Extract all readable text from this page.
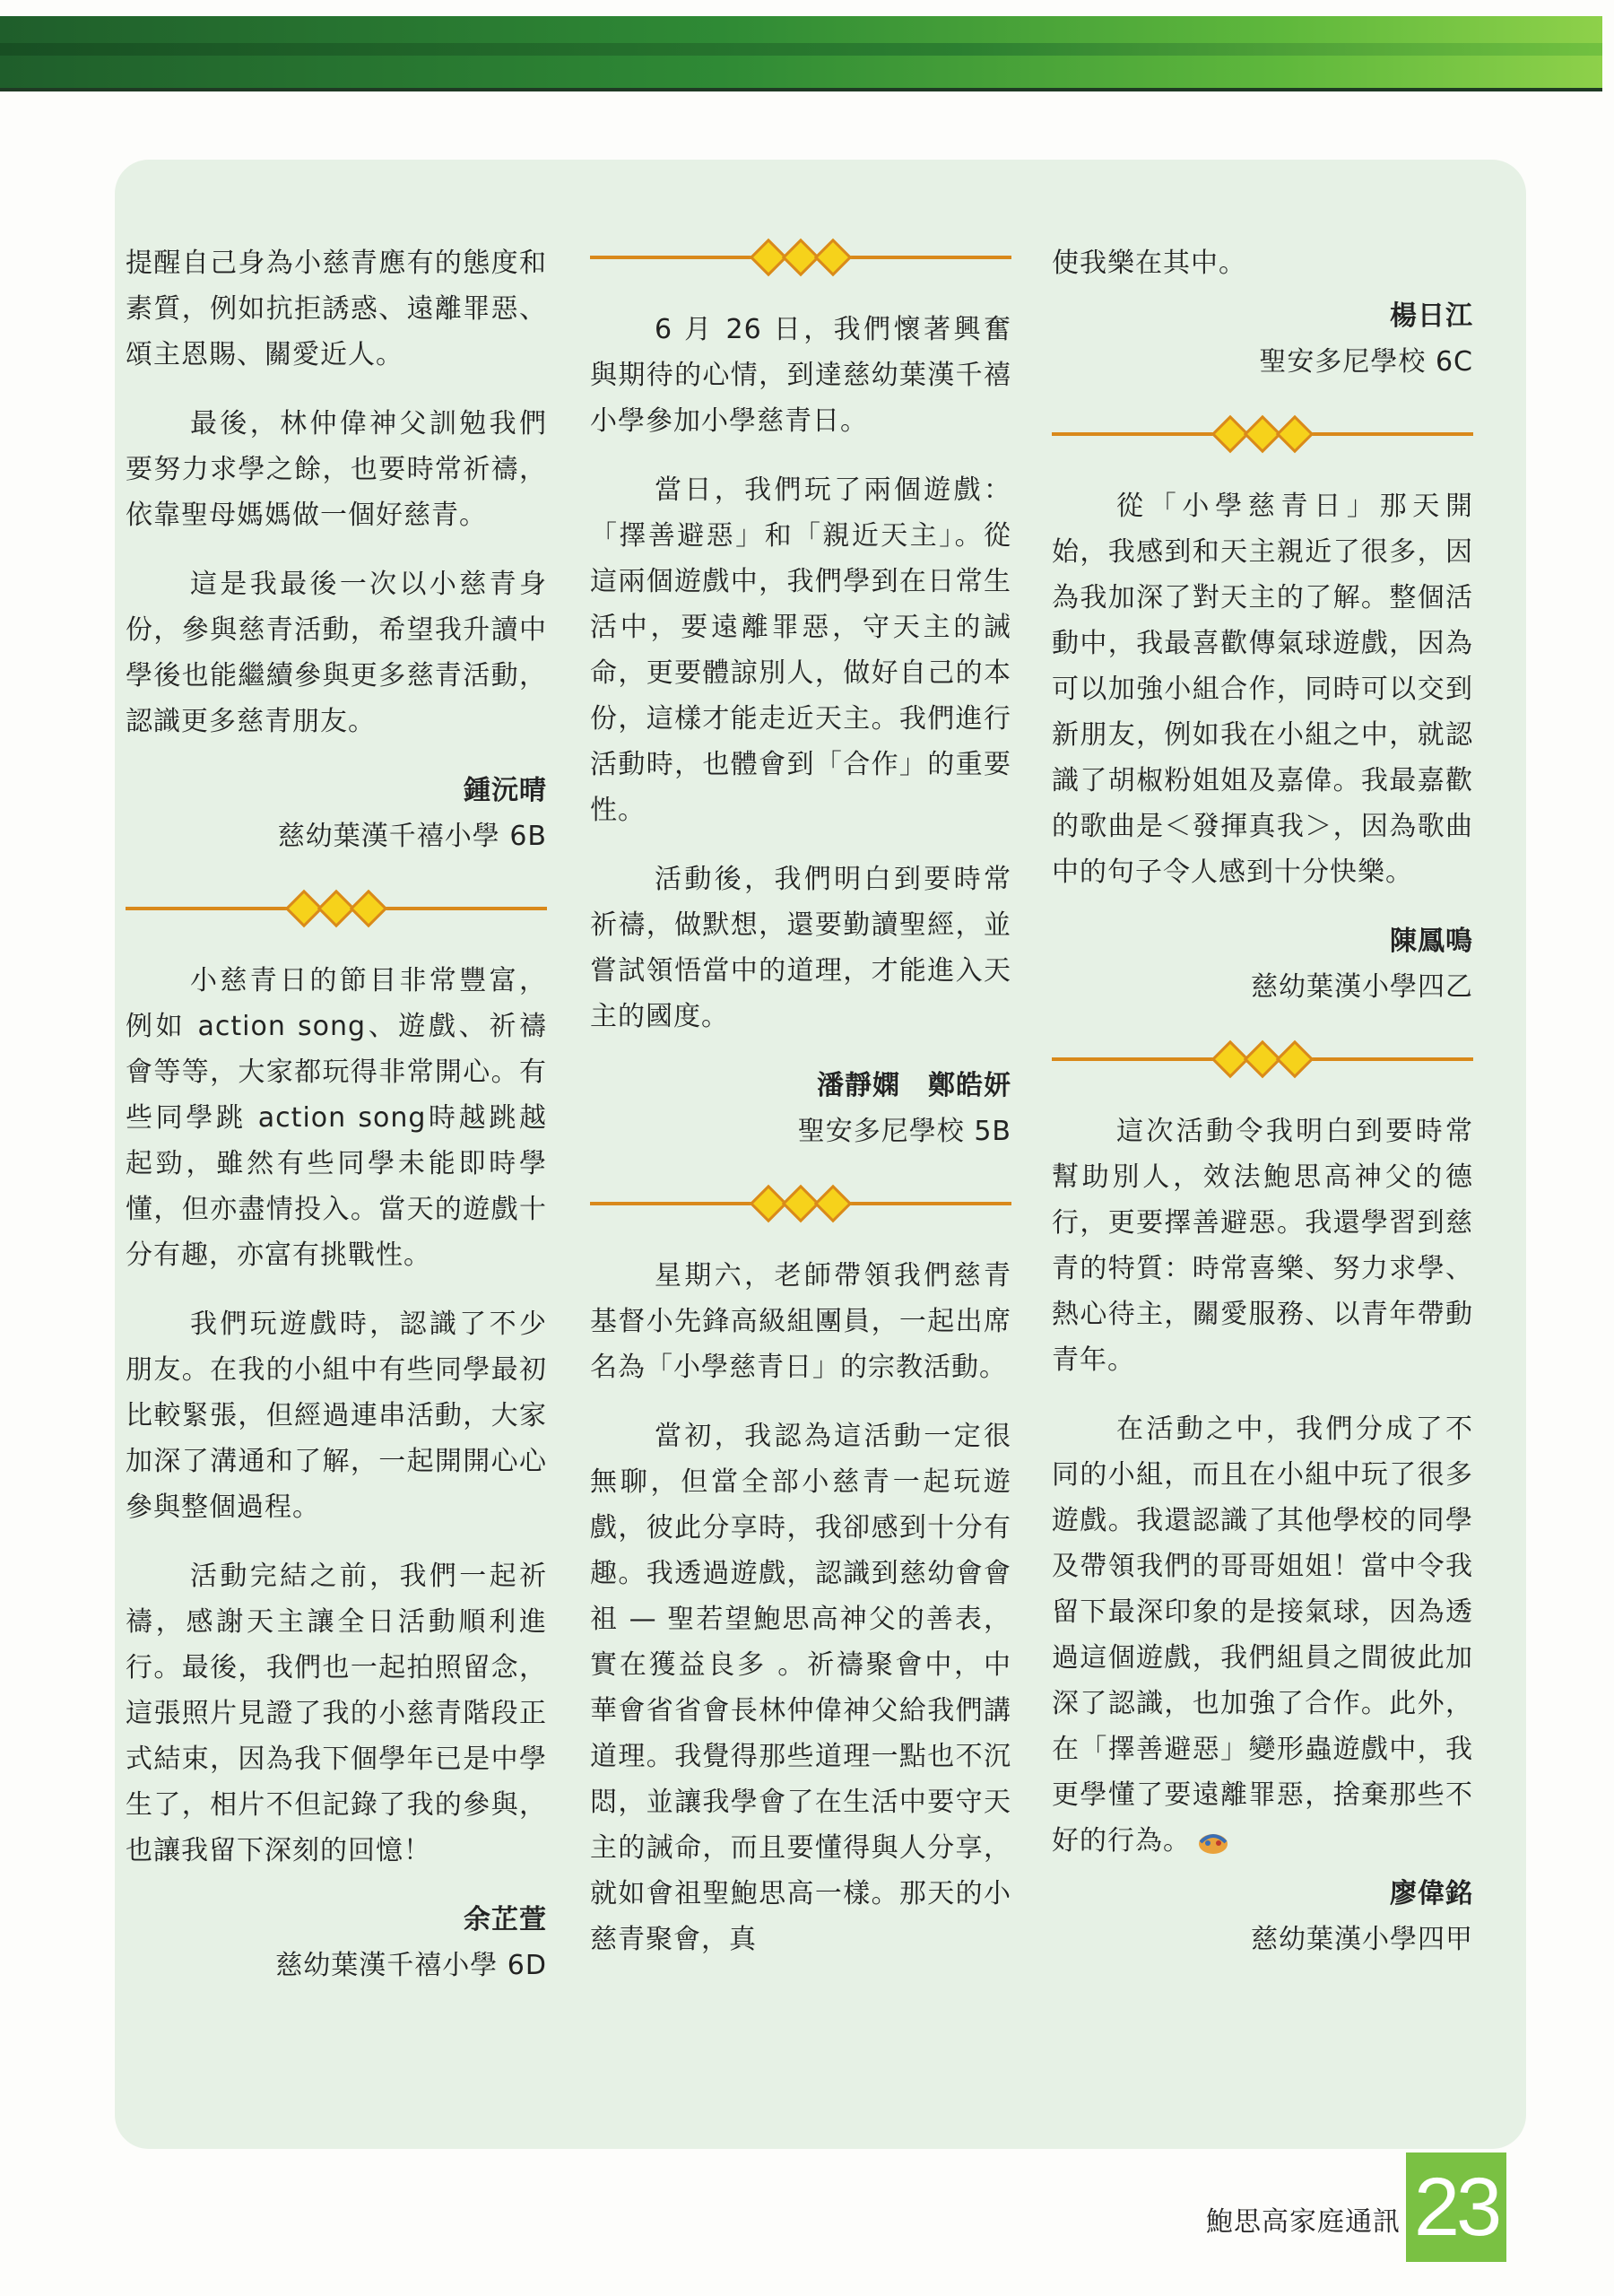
提醒自己身為小慈青應有的態度和素質，例如抗拒誘惑、遠離罪惡、頌主恩賜、關愛近人。

最後，林仲偉神父訓勉我們要努力求學之餘，也要時常祈禱，依靠聖母媽媽做一個好慈青。

這是我最後一次以小慈青身份，參與慈青活動，希望我升讀中學後也能繼續參與更多慈青活動，認識更多慈青朋友。

鍾沅晴

慈幼葉漢千禧小學 6B

小慈青日的節目非常豐富，例如 action song、遊戲、祈禱會等等，大家都玩得非常開心。有些同學跳 action song時越跳越起勁，雖然有些同學未能即時學懂，但亦盡情投入。當天的遊戲十分有趣，亦富有挑戰性。

我們玩遊戲時，認識了不少朋友。在我的小組中有些同學最初比較緊張，但經過連串活動，大家加深了溝通和了解，一起開開心心參與整個過程。

活動完結之前，我們一起祈禱，感謝天主讓全日活動順利進行。最後，我們也一起拍照留念，這張照片見證了我的小慈青階段正式結束，因為我下個學年已是中學生了，相片不但記錄了我的參與，也讓我留下深刻的回憶！

余芷萱

慈幼葉漢千禧小學 6D

6 月 26 日，我們懷著興奮與期待的心情，到達慈幼葉漢千禧小學參加小學慈青日。

當日，我們玩了兩個遊戲：「擇善避惡」和「親近天主」。從這兩個遊戲中，我們學到在日常生活中，要遠離罪惡，守天主的誡命，更要體諒別人，做好自己的本份，這樣才能走近天主。我們進行活動時，也體會到「合作」的重要性。

活動後，我們明白到要時常祈禱，做默想，還要勤讀聖經，並嘗試領悟當中的道理，才能進入天主的國度。

潘靜嫻　鄭皓妍

聖安多尼學校 5B

星期六，老師帶領我們慈青基督小先鋒高級組團員，一起出席名為「小學慈青日」的宗教活動。

當初，我認為這活動一定很無聊，但當全部小慈青一起玩遊戲，彼此分享時，我卻感到十分有趣。我透過遊戲，認識到慈幼會會祖 — 聖若望鮑思高神父的善表，實在獲益良多 。祈禱聚會中，中華會省省會長林仲偉神父給我們講道理。我覺得那些道理一點也不沉悶，並讓我學會了在生活中要守天主的誡命，而且要懂得與人分享，就如會祖聖鮑思高一樣。那天的小慈青聚會，真

使我樂在其中。

楊日江

聖安多尼學校 6C

從「小學慈青日」那天開始，我感到和天主親近了很多，因為我加深了對天主的了解。整個活動中，我最喜歡傳氣球遊戲，因為可以加強小組合作，同時可以交到新朋友，例如我在小組之中，就認識了胡椒粉姐姐及嘉偉。我最嘉歡的歌曲是＜發揮真我＞，因為歌曲中的句子令人感到十分快樂。

陳鳳鳴

慈幼葉漢小學四乙

這次活動令我明白到要時常幫助別人，效法鮑思高神父的德行，更要擇善避惡。我還學習到慈青的特質：時常喜樂、努力求學、熱心待主，關愛服務、以青年帶動青年。

在活動之中，我們分成了不同的小組，而且在小組中玩了很多遊戲。我還認識了其他學校的同學及帶領我們的哥哥姐姐！當中令我留下最深印象的是接氣球，因為透過這個遊戲，我們組員之間彼此加深了認識，也加強了合作。此外，在「擇善避惡」變形蟲遊戲中，我更學懂了要遠離罪惡，捨棄那些不好的行為。

廖偉銘

慈幼葉漢小學四甲

鮑思高家庭通訊 23
